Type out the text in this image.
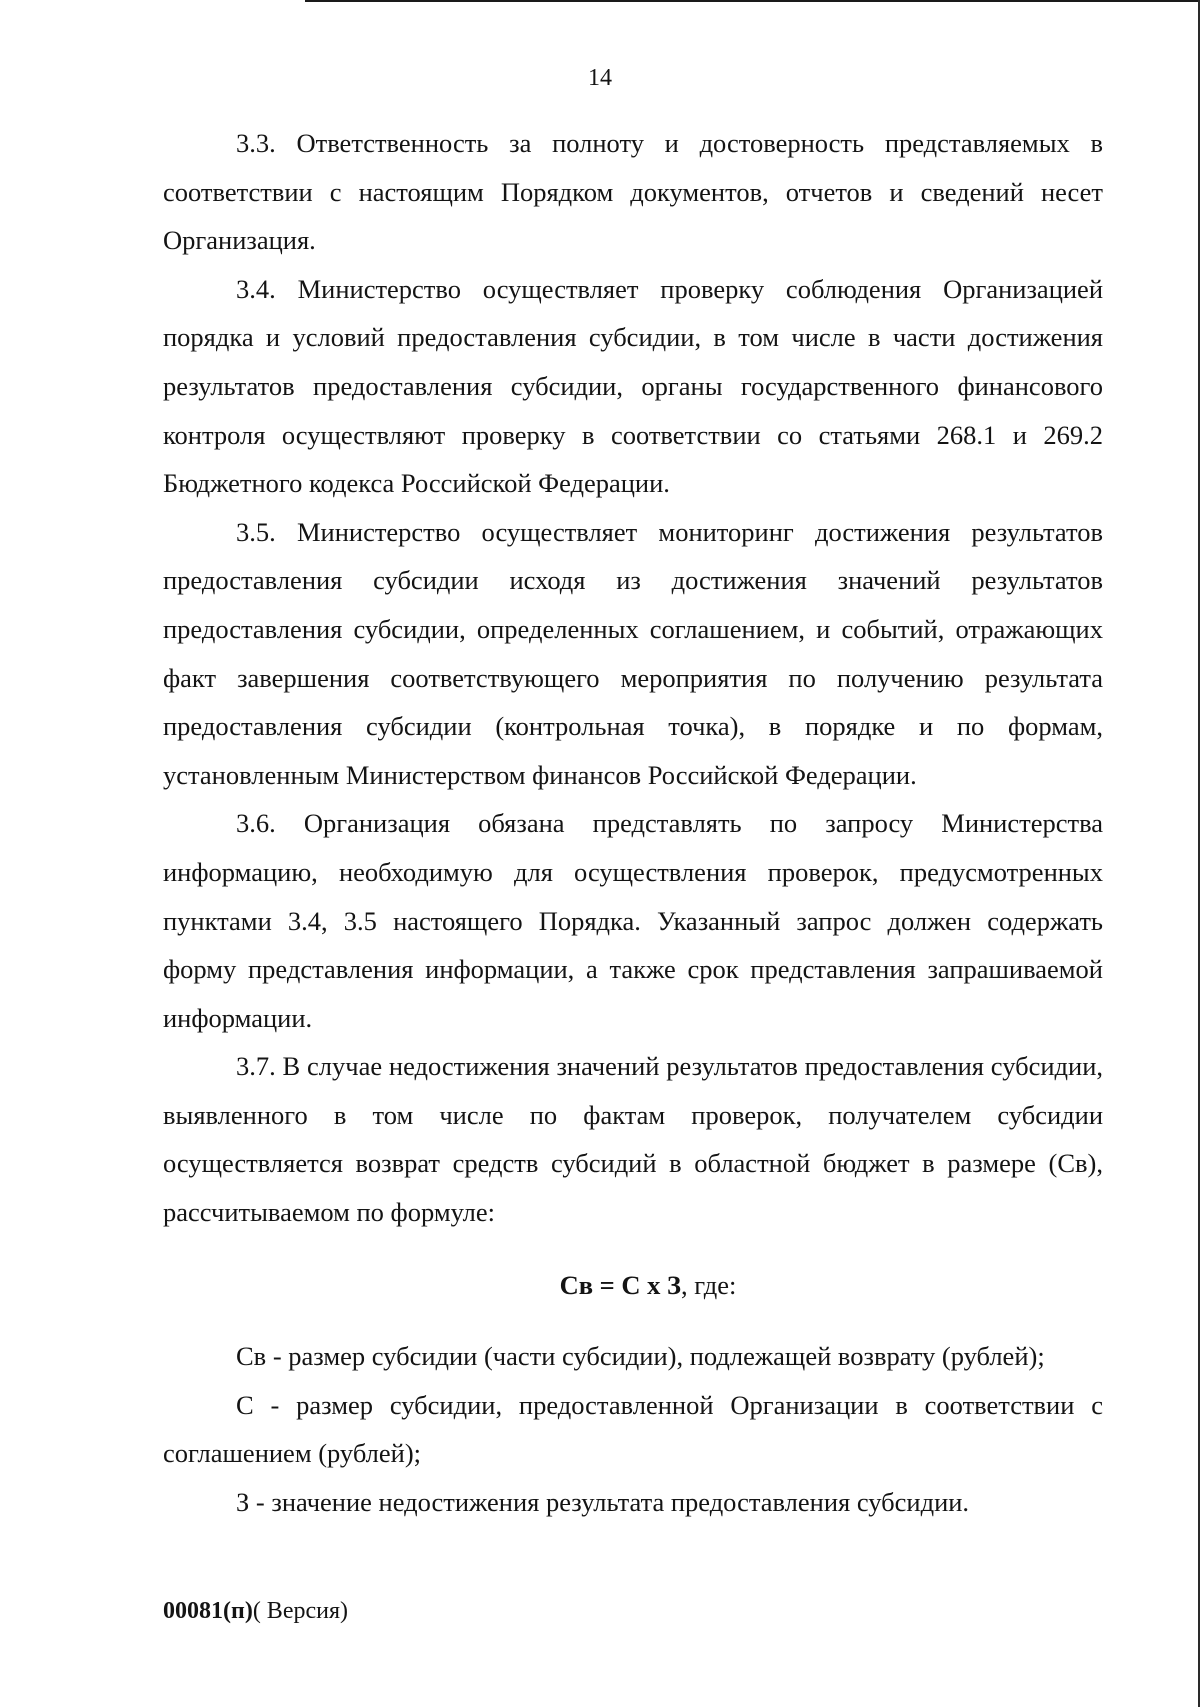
14

3.3. Ответственность за полноту и достоверность представляемых в соответствии с настоящим Порядком документов, отчетов и сведений несет Организация.

3.4. Министерство осуществляет проверку соблюдения Организацией порядка и условий предоставления субсидии, в том числе в части достижения результатов предоставления субсидии, органы государственного финансового контроля осуществляют проверку в соответствии со статьями 268.1 и 269.2 Бюджетного кодекса Российской Федерации.

3.5. Министерство осуществляет мониторинг достижения результатов предоставления субсидии исходя из достижения значений результатов предоставления субсидии, определенных соглашением, и событий, отражающих факт завершения соответствующего мероприятия по получению результата предоставления субсидии (контрольная точка), в порядке и по формам, установленным Министерством финансов Российской Федерации.

3.6. Организация обязана представлять по запросу Министерства информацию, необходимую для осуществления проверок, предусмотренных пунктами 3.4, 3.5 настоящего Порядка. Указанный запрос должен содержать форму представления информации, а также срок представления запрашиваемой информации.

3.7. В случае недостижения значений результатов предоставления субсидии, выявленного в том числе по фактам проверок, получателем субсидии осуществляется возврат средств субсидий в областной бюджет в размере (Св), рассчитываемом по формуле:

Св = С х З, где:

Св - размер субсидии (части субсидии), подлежащей возврату (рублей);

С - размер субсидии, предоставленной Организации в соответствии с соглашением (рублей);

З - значение недостижения результата предоставления субсидии.

00081(п)( Версия)
